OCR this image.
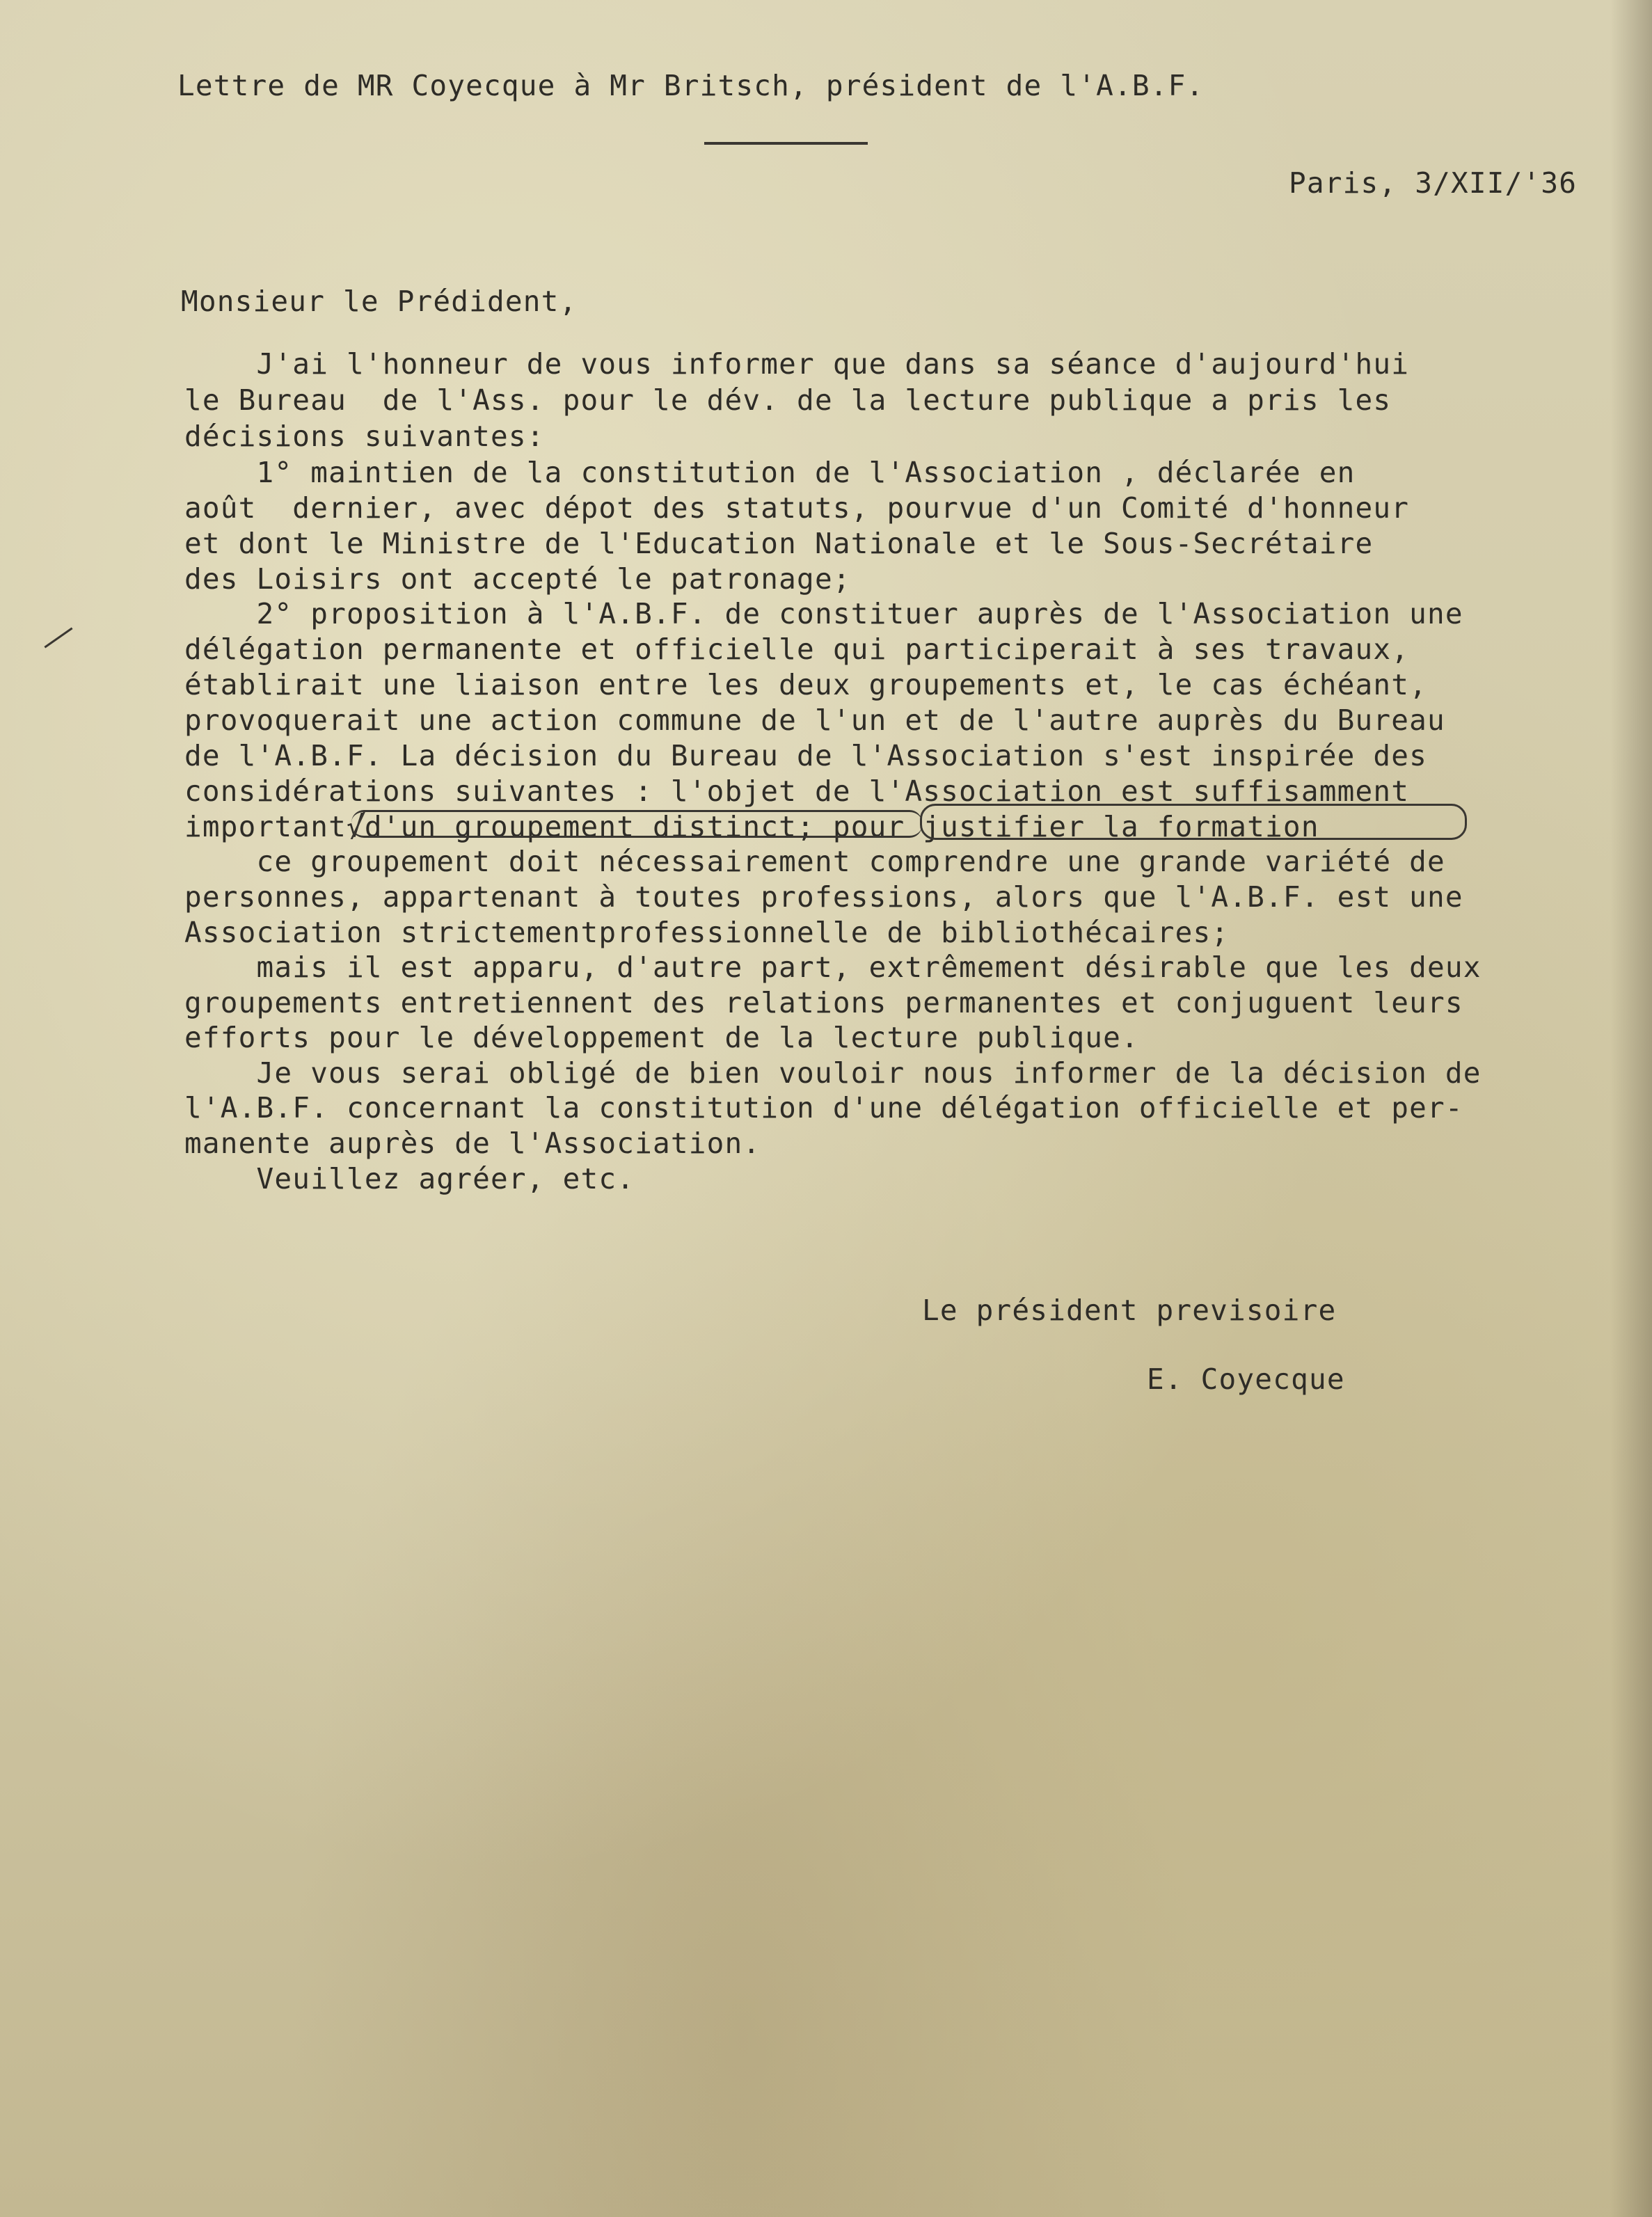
Lettre de MR Coyecque à Mr Britsch, président de l'A.B.F.
Paris, 3/XII/'36
Monsieur le Prédident,
J'ai l'honneur de vous informer que dans sa séance d'aujourd'hui
le Bureau  de l'Ass. pour le dév. de la lecture publique a pris les
décisions suivantes:
1° maintien de la constitution de l'Association , déclarée en
août  dernier, avec dépot des statuts, pourvue d'un Comité d'honneur
et dont le Ministre de l'Education Nationale et le Sous-Secrétaire
des Loisirs ont accepté le patronage;
2° proposition à l'A.B.F. de constituer auprès de l'Association une
délégation permanente et officielle qui participerait à ses travaux,
établirait une liaison entre les deux groupements et, le cas échéant,
provoquerait une action commune de l'un et de l'autre auprès du Bureau
de l'A.B.F. La décision du Bureau de l'Association s'est inspirée des
considérations suivantes : l'objet de l'Association est suffisamment
important√d'un groupement distinct; pour justifier la formation
ce groupement doit nécessairement comprendre une grande variété de
personnes, appartenant à toutes professions, alors que l'A.B.F. est une
Association strictementprofessionnelle de bibliothécaires;
mais il est apparu, d'autre part, extrêmement désirable que les deux
groupements entretiennent des relations permanentes et conjuguent leurs
efforts pour le développement de la lecture publique.
Je vous serai obligé de bien vouloir nous informer de la décision de
l'A.B.F. concernant la constitution d'une délégation officielle et per-
manente auprès de l'Association.
Veuillez agréer, etc.
Le président previsoire
E. Coyecque
